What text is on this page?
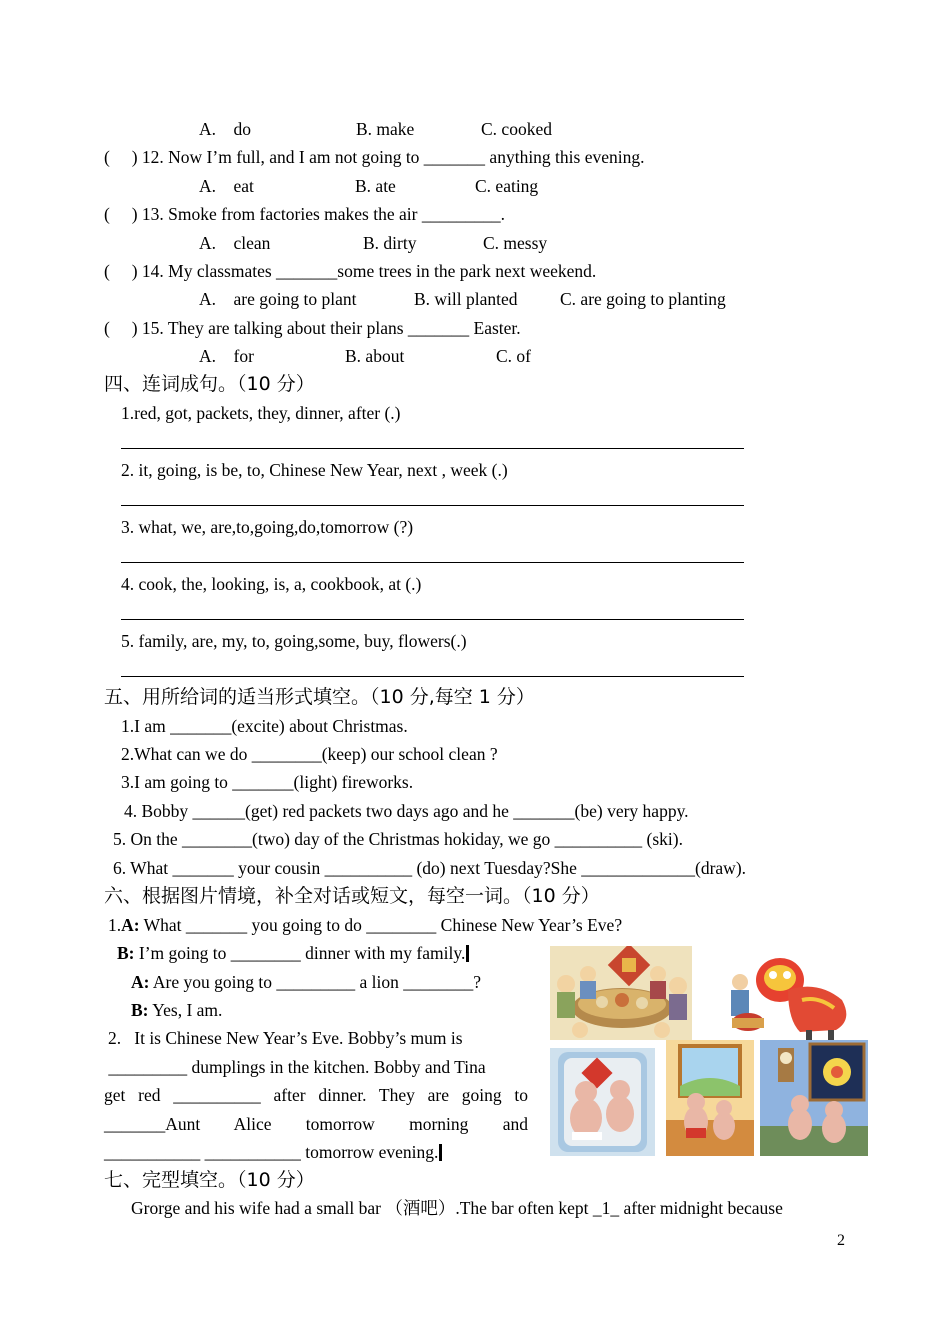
A.    do	B. make	C. cooked
(     ) 12. Now I’m full, and I am not going to _______ anything this evening.
A.    eat	B. ate	C. eating
(     ) 13. Smoke from factories makes the air _________.
A.    clean	B. dirty	C. messy
(     ) 14. My classmates _______some trees in the park next weekend.
A.    are going to plant	B. will planted C. are going to planting
(     ) 15. They are talking about their plans _______ Easter.
A.    for	B. about	C. of
四、连词成句。（10 分）
1.red, got, packets, they, dinner, after (.)
2. it, going, is be, to, Chinese New Year, next , week (.)
3. what, we, are,to,going,do,tomorrow (?)
4. cook, the, looking, is, a, cookbook, at (.)
5. family, are, my, to, going,some, buy, flowers(.)
五、用所给词的适当形式填空。（10 分,每空 1 分）
1.I am _______(excite) about Christmas.
2.What can we do ________(keep) our school clean ?
3.I am going to _______(light) fireworks.
4. Bobby ______(get) red packets two days ago and he _______(be) very happy.
5. On the ________(two) day of the Christmas hokiday, we go __________ (ski).
6. What _______ your cousin __________ (do) next Tuesday?She _____________(draw).
六、根据图片情境，补全对话或短文，每空一词。（10 分）
1.A: What _______ you going to do ________ Chinese New Year’s Eve?
B: I’m going to ________ dinner with my family.
A: Are you going to _________ a lion ________?
B: Yes, I am.
2.   It is Chinese New Year’s Eve. Bobby’s mum is
_________ dumplings in the kitchen. Bobby and Tina
get red __________ after dinner. They are going to
_______Aunt Alice tomorrow morning and
___________ ___________ tomorrow evening.
七、完型填空。（10 分）
Grorge and his wife had a small bar （酒吧）.The bar often kept _1_ after midnight because
2
